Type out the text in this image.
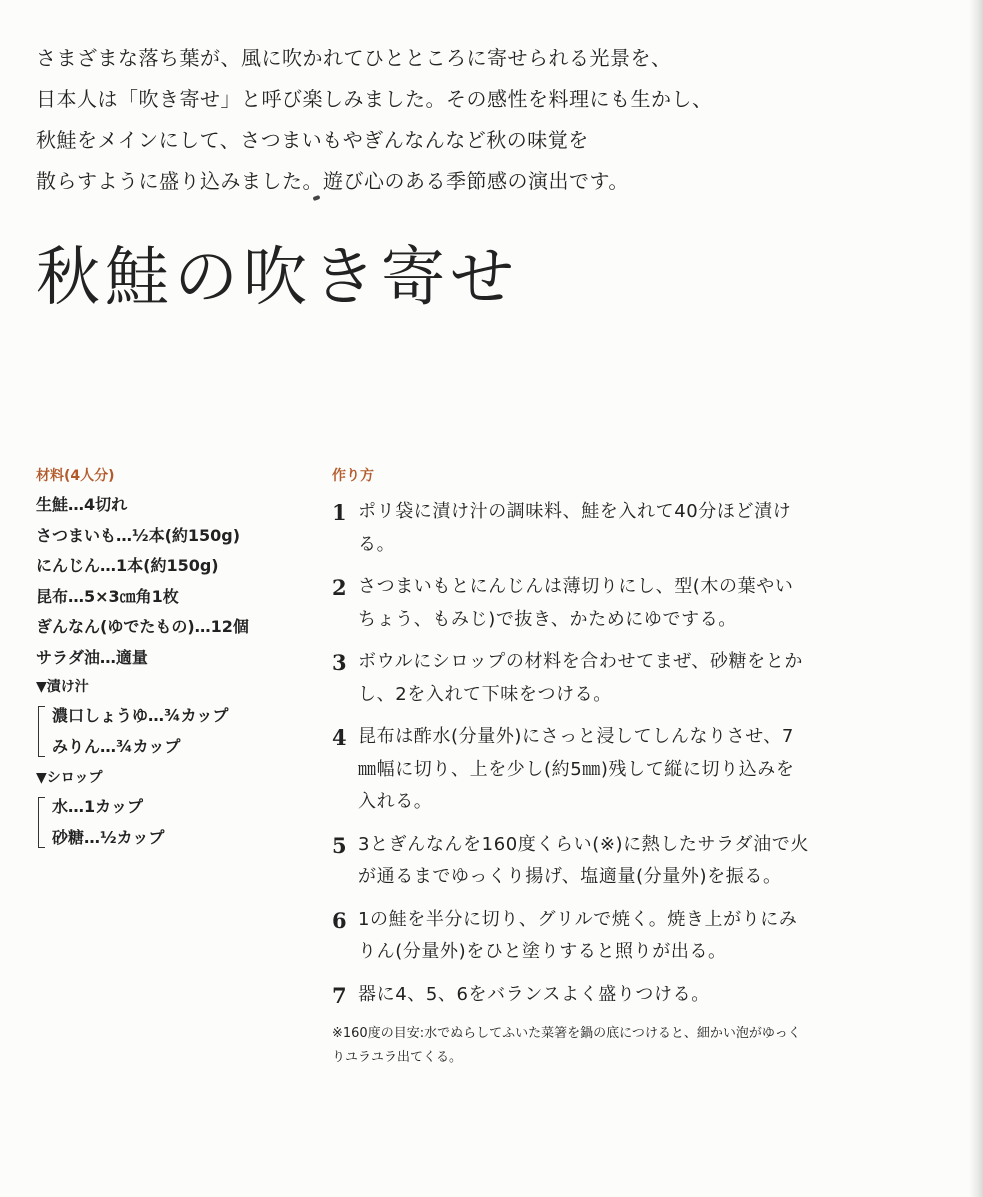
さまざまな落ち葉が、風に吹かれてひとところに寄せられる光景を、
日本人は「吹き寄せ」と呼び楽しみました。その感性を料理にも生かし、
秋鮭をメインにして、さつまいもやぎんなんなど秋の味覚を
散らすように盛り込みました。遊び心のある季節感の演出です。
秋鮭の吹き寄せ
材料(4人分)
生鮭…4切れ
さつまいも…½本(約150g)
にんじん…1本(約150g)
昆布…5×3㎝角1枚
ぎんなん(ゆでたもの)…12個
サラダ油…適量
▼漬け汁
濃口しょうゆ…¾カップ
みりん…¾カップ
▼シロップ
水…1カップ
砂糖…½カップ
作り方
1 ポリ袋に漬け汁の調味料、鮭を入れて40分ほど漬ける。
2 さつまいもとにんじんは薄切りにし、型(木の葉やいちょう、もみじ)で抜き、かためにゆでする。
3 ボウルにシロップの材料を合わせてまぜ、砂糖をとかし、2を入れて下味をつける。
4 昆布は酢水(分量外)にさっと浸してしんなりさせ、7㎜幅に切り、上を少し(約5㎜)残して縦に切り込みを入れる。
5 3とぎんなんを160度くらい(※)に熱したサラダ油で火が通るまでゆっくり揚げ、塩適量(分量外)を振る。
6 1の鮭を半分に切り、グリルで焼く。焼き上がりにみりん(分量外)をひと塗りすると照りが出る。
7 器に4、5、6をバランスよく盛りつける。
※160度の目安:水でぬらしてふいた菜箸を鍋の底につけると、細かい泡がゆっくりユラユラ出てくる。
